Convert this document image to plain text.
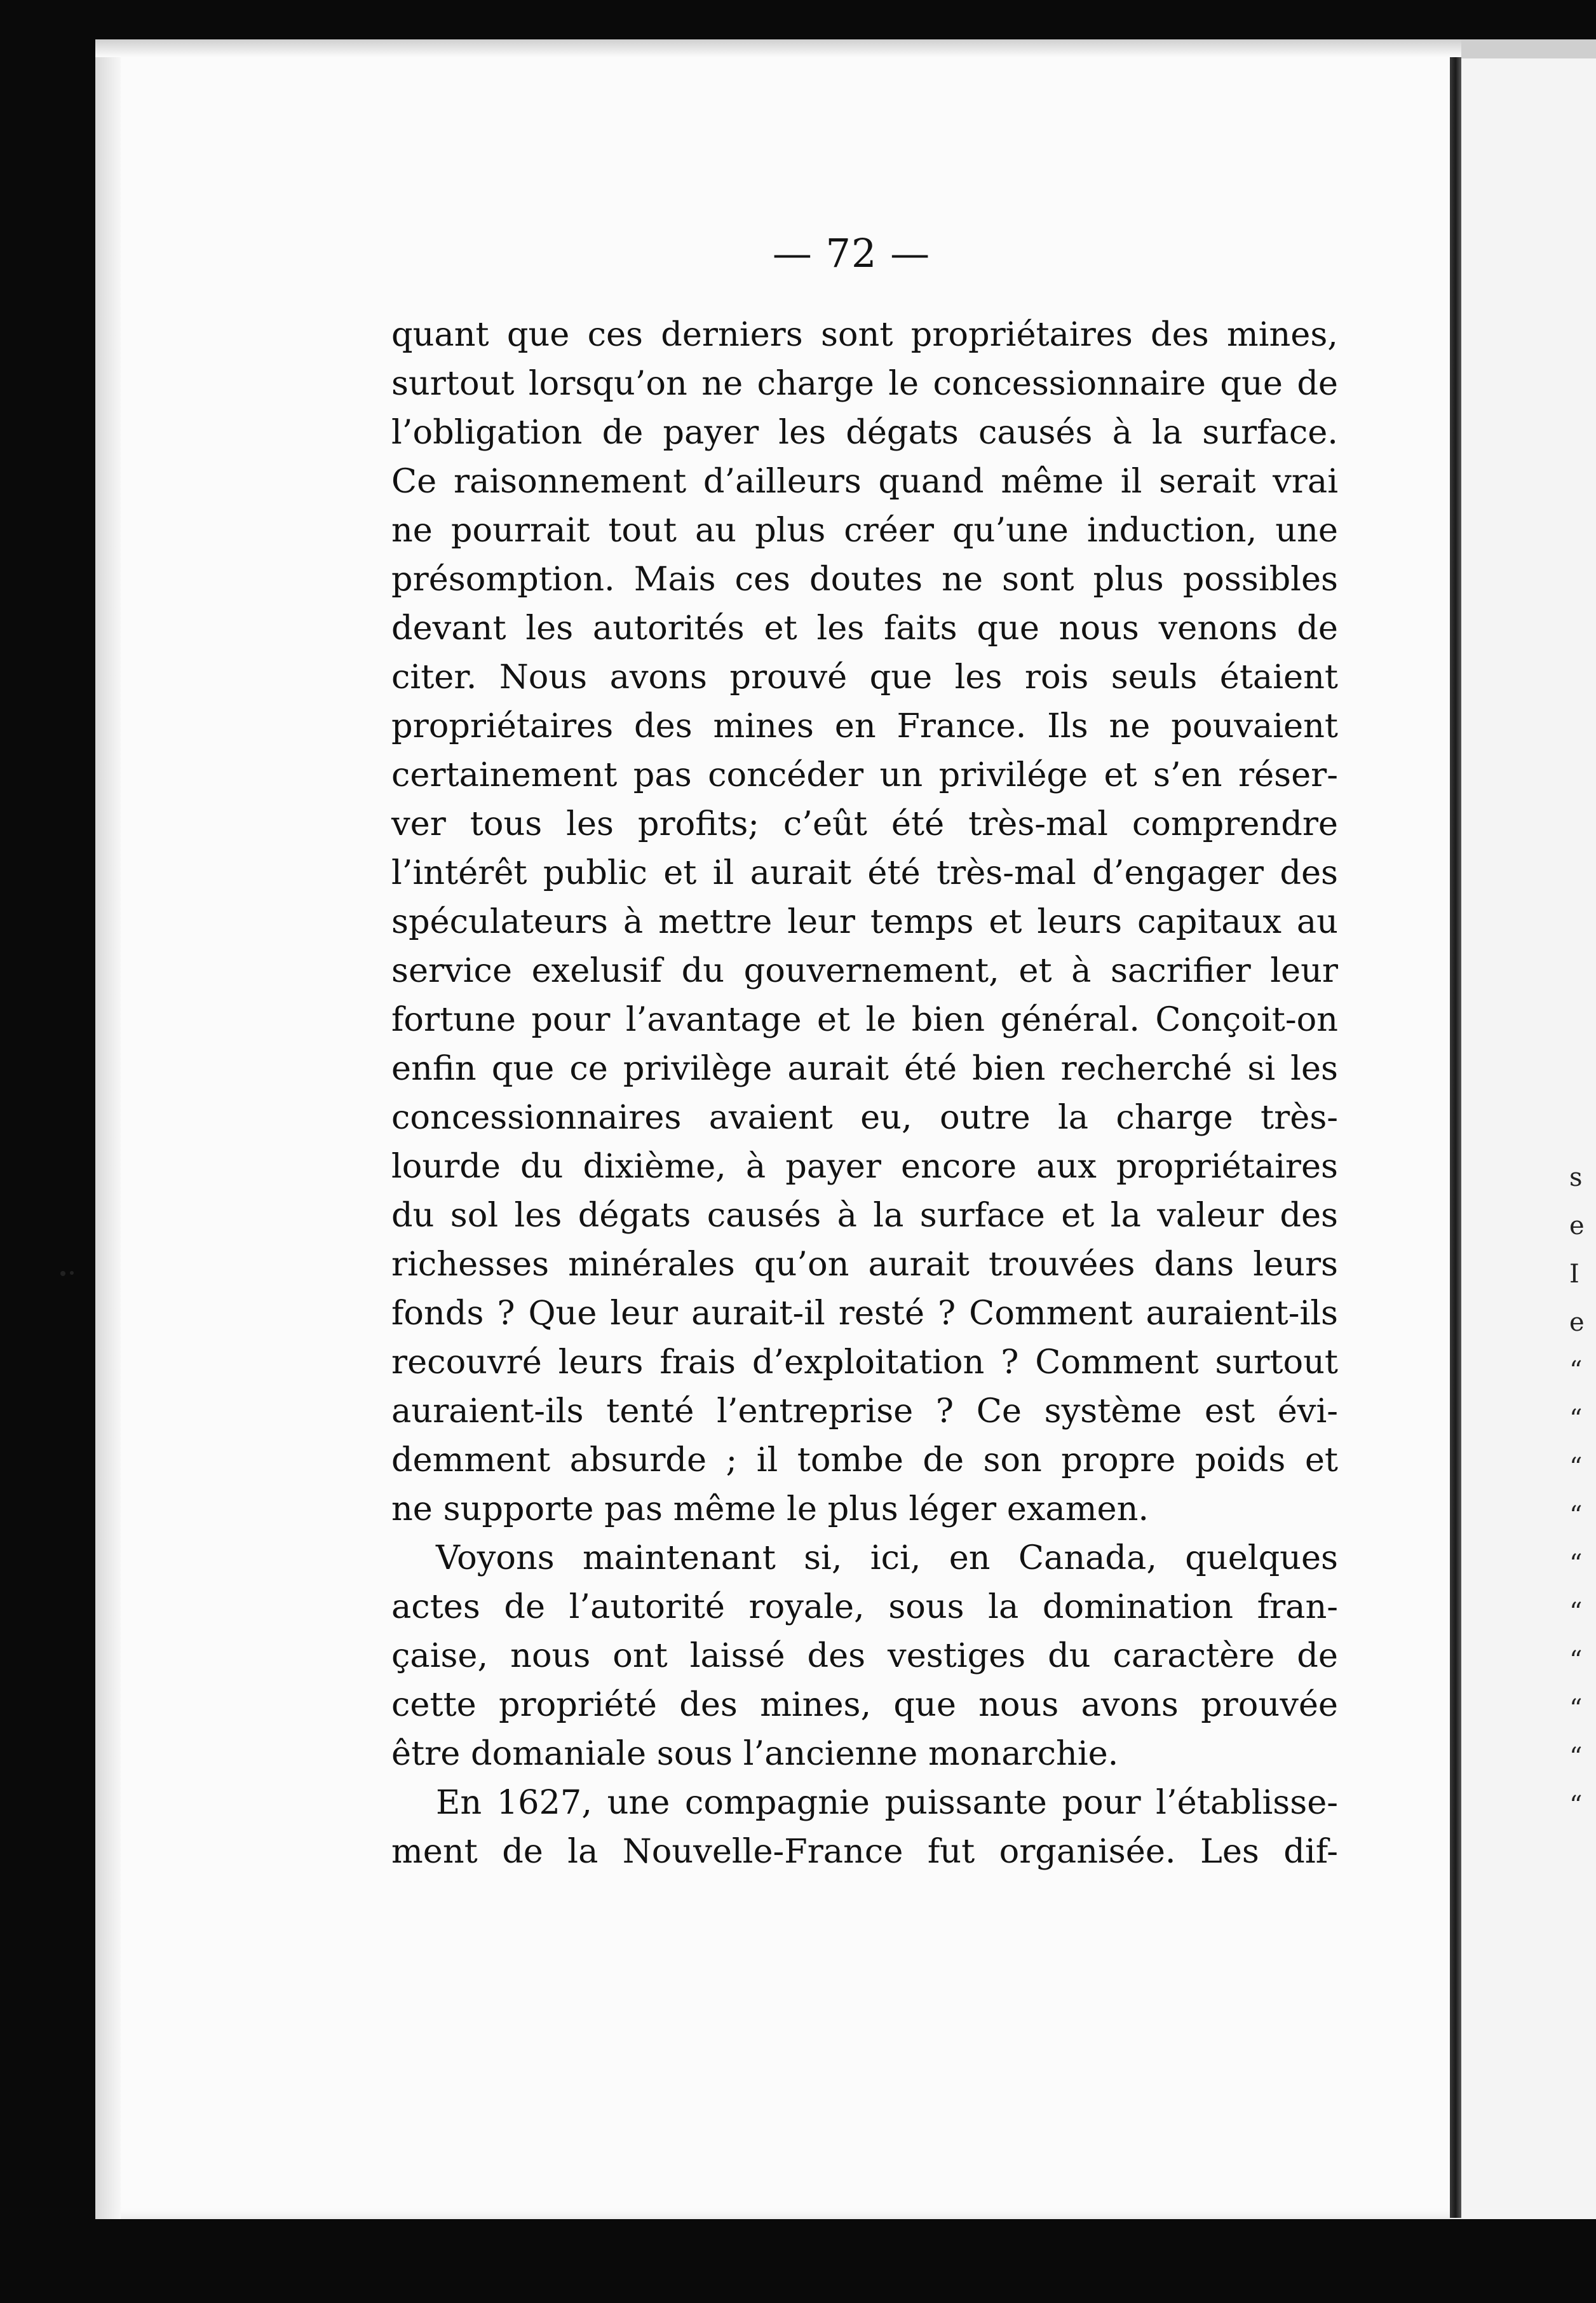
— 72 —
quant que ces derniers sont propriétaires des mines,
surtout lorsqu’on ne charge le concessionnaire que de
l’obligation de payer les dégats causés à la surface.
Ce raisonnement d’ailleurs quand même il serait vrai
ne pourrait tout au plus créer qu’une induction, une
présomption. Mais ces doutes ne sont plus possibles
devant les autorités et les faits que nous venons de
citer. Nous avons prouvé que les rois seuls étaient
propriétaires des mines en France. Ils ne pouvaient
certainement pas concéder un privilége et s’en réser-
ver tous les profits; c’eût été très-mal comprendre
l’intérêt public et il aurait été très-mal d’engager des
spéculateurs à mettre leur temps et leurs capitaux au
service exelusif du gouvernement, et à sacrifier leur
fortune pour l’avantage et le bien général. Conçoit-on
enfin que ce privilège aurait été bien recherché si les
concessionnaires avaient eu, outre la charge très-
lourde du dixième, à payer encore aux propriétaires
du sol les dégats causés à la surface et la valeur des
richesses minérales qu’on aurait trouvées dans leurs
fonds ? Que leur aurait-il resté ? Comment auraient-ils
recouvré leurs frais d’exploitation ? Comment surtout
auraient-ils tenté l’entreprise ? Ce système est évi-
demment absurde ; il tombe de son propre poids et
ne supporte pas même le plus léger examen.
Voyons maintenant si, ici, en Canada, quelques
actes de l’autorité royale, sous la domination fran-
çaise, nous ont laissé des vestiges du caractère de
cette propriété des mines, que nous avons prouvée
être domaniale sous l’ancienne monarchie.
En 1627, une compagnie puissante pour l’établisse-
ment de la Nouvelle-France fut organisée. Les dif-
s
e
I
e
“
“
“
“
“
“
“
“
“
“
